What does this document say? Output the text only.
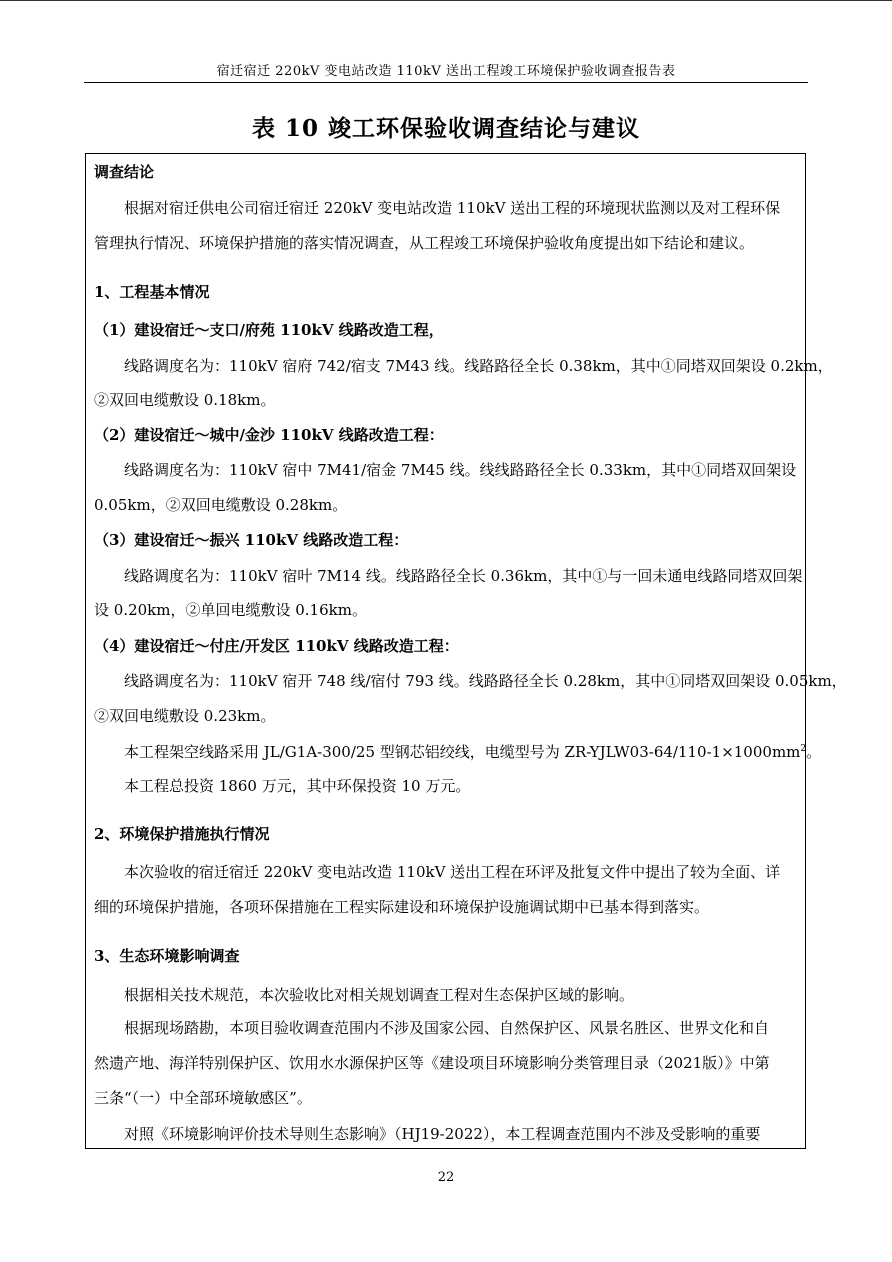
宿迁宿迁 220kV 变电站改造 110kV 送出工程竣工环境保护验收调查报告表
表 10 竣工环保验收调查结论与建议
调查结论
根据对宿迁供电公司宿迁宿迁 220kV 变电站改造 110kV 送出工程的环境现状监测以及对工程环保
管理执行情况、环境保护措施的落实情况调查，从工程竣工环境保护验收角度提出如下结论和建议。
1、工程基本情况
（1）建设宿迁～支口/府苑 110kV 线路改造工程，
线路调度名为：110kV 宿府 742/宿支 7M43 线。线路路径全长 0.38km，其中①同塔双回架设 0.2km，
②双回电缆敷设 0.18km。
（2）建设宿迁～城中/金沙 110kV 线路改造工程：
线路调度名为：110kV 宿中 7M41/宿金 7M45 线。线线路路径全长 0.33km，其中①同塔双回架设
0.05km，②双回电缆敷设 0.28km。
（3）建设宿迁～振兴 110kV 线路改造工程：
线路调度名为：110kV 宿叶 7M14 线。线路路径全长 0.36km，其中①与一回未通电线路同塔双回架
设 0.20km，②单回电缆敷设 0.16km。
（4）建设宿迁～付庄/开发区 110kV 线路改造工程：
线路调度名为：110kV 宿开 748 线/宿付 793 线。线路路径全长 0.28km，其中①同塔双回架设 0.05km，
②双回电缆敷设 0.23km。
本工程架空线路采用 JL/G1A-300/25 型钢芯铝绞线，电缆型号为 $ZR-YJLW03-64/110-1\times 1000mm^2$。
本工程总投资 1860 万元，其中环保投资 10 万元。
2、环境保护措施执行情况
本次验收的宿迁宿迁 220kV 变电站改造 110kV 送出工程在环评及批复文件中提出了较为全面、详
细的环境保护措施，各项环保措施在工程实际建设和环境保护设施调试期中已基本得到落实。
3、生态环境影响调查
根据相关技术规范，本次验收比对相关规划调查工程对生态保护区域的影响。
根据现场踏勘，本项目验收调查范围内不涉及国家公园、自然保护区、风景名胜区、世界文化和自
然遗产地、海洋特别保护区、饮用水水源保护区等《建设项目环境影响分类管理目录（2021版）》中第
三条“（一）中全部环境敏感区”。
对照《环境影响评价技术导则生态影响》（HJ19-2022），本工程调查范围内不涉及受影响的重要
22
